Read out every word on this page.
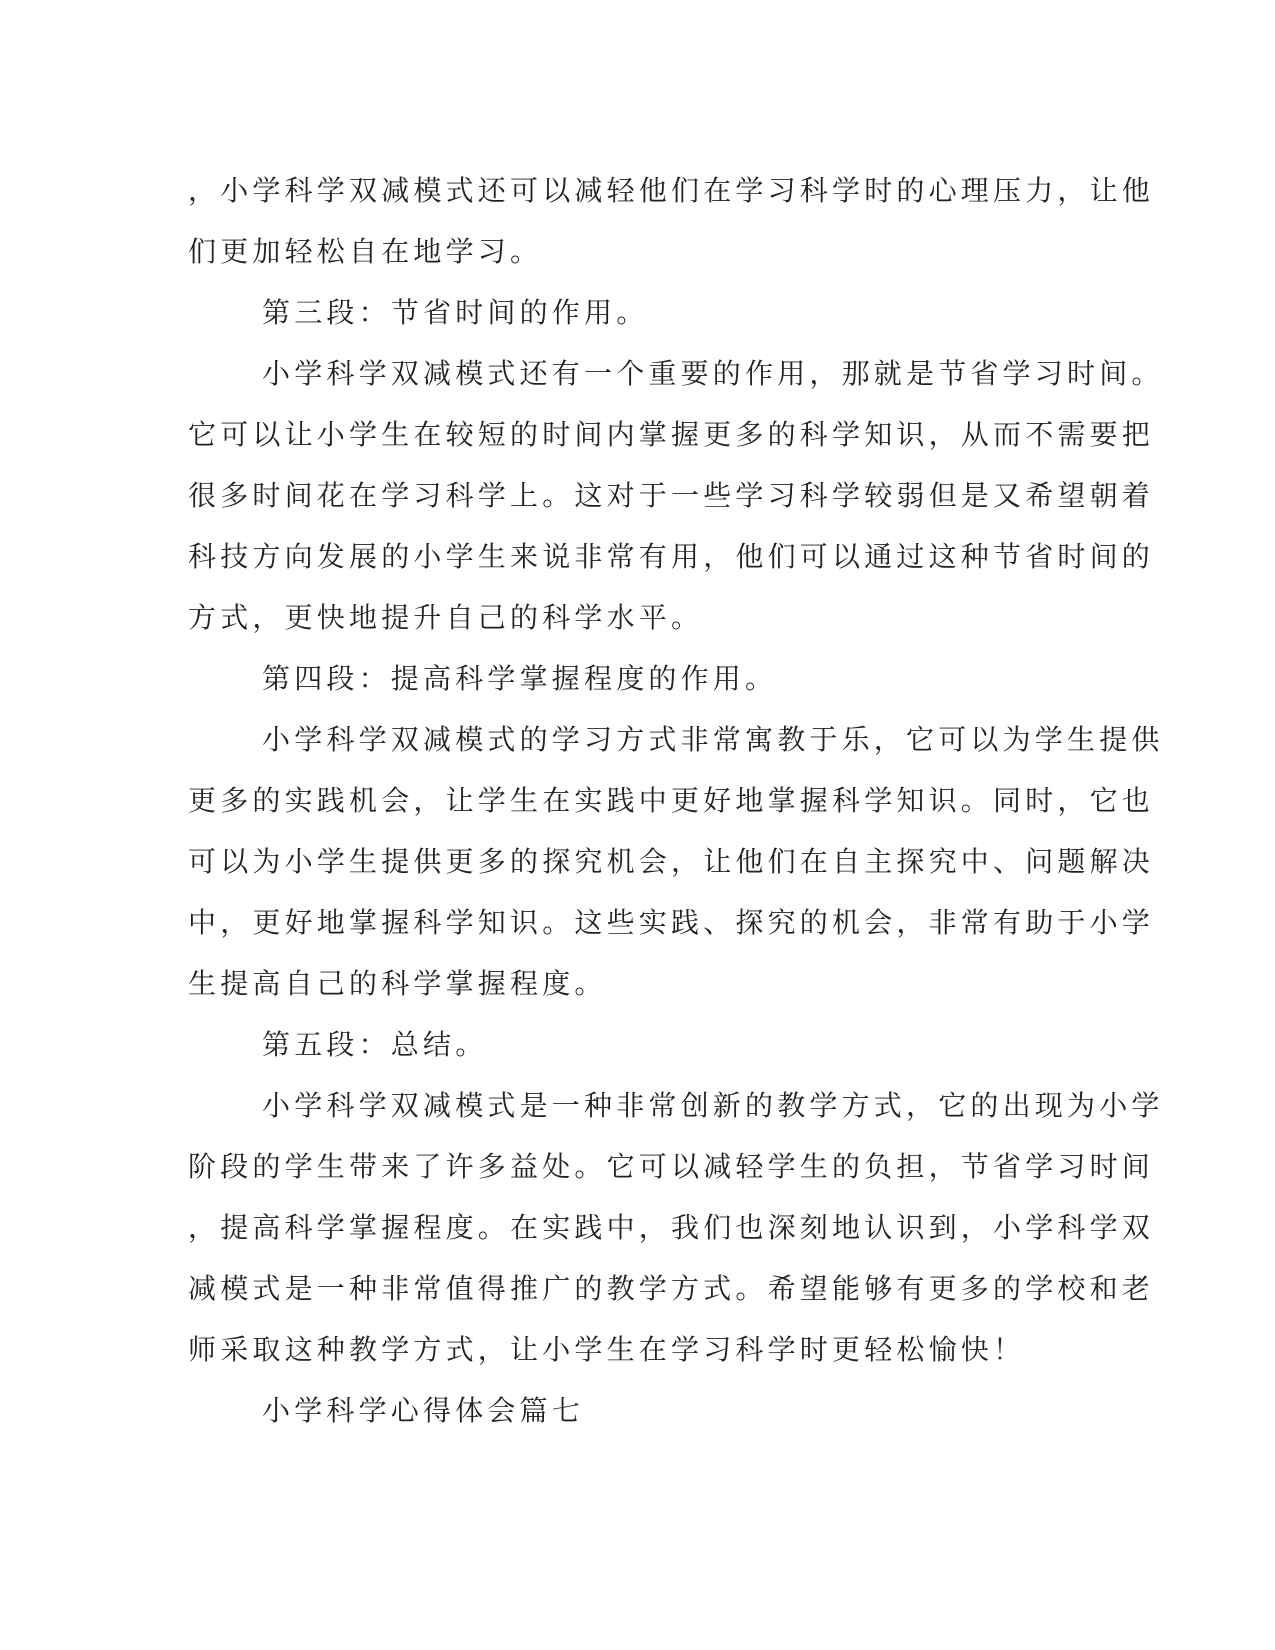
，小学科学双减模式还可以减轻他们在学习科学时的心理压力，让他
们更加轻松自在地学习。
第三段：节省时间的作用。
小学科学双减模式还有一个重要的作用，那就是节省学习时间。
它可以让小学生在较短的时间内掌握更多的科学知识，从而不需要把
很多时间花在学习科学上。这对于一些学习科学较弱但是又希望朝着
科技方向发展的小学生来说非常有用，他们可以通过这种节省时间的
方式，更快地提升自己的科学水平。
第四段：提高科学掌握程度的作用。
小学科学双减模式的学习方式非常寓教于乐，它可以为学生提供
更多的实践机会，让学生在实践中更好地掌握科学知识。同时，它也
可以为小学生提供更多的探究机会，让他们在自主探究中、问题解决
中，更好地掌握科学知识。这些实践、探究的机会，非常有助于小学
生提高自己的科学掌握程度。
第五段：总结。
小学科学双减模式是一种非常创新的教学方式，它的出现为小学
阶段的学生带来了许多益处。它可以减轻学生的负担，节省学习时间
，提高科学掌握程度。在实践中，我们也深刻地认识到，小学科学双
减模式是一种非常值得推广的教学方式。希望能够有更多的学校和老
师采取这种教学方式，让小学生在学习科学时更轻松愉快！
小学科学心得体会篇七
